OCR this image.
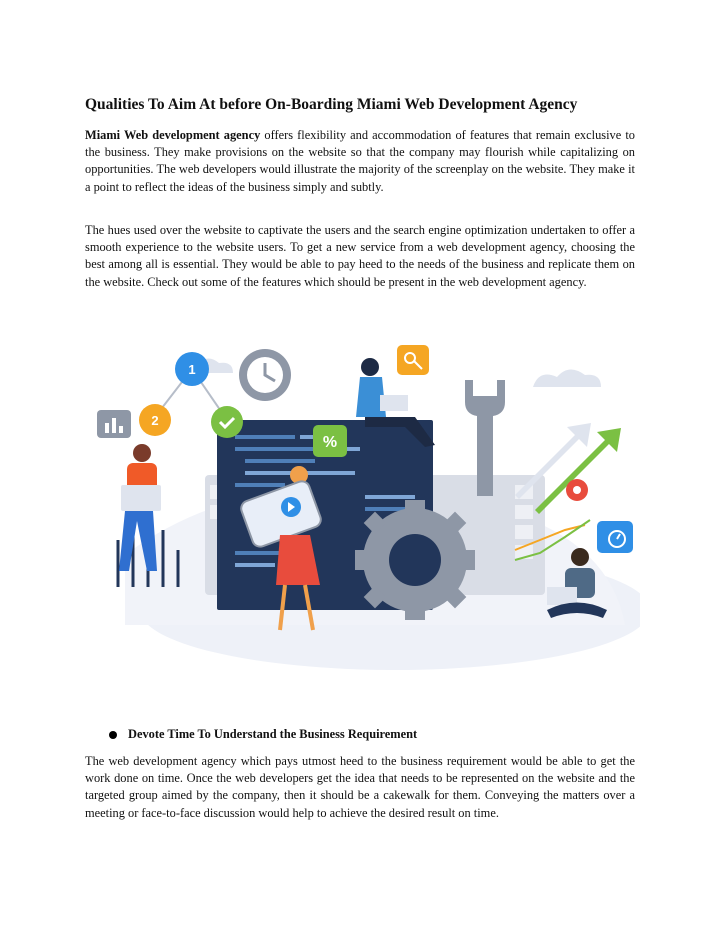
Qualities To Aim At before On-Boarding Miami Web Development Agency

Miami Web development agency offers flexibility and accommodation of features that remain exclusive to the business. They make provisions on the website so that the company may flourish while capitalizing on opportunities. The web developers would illustrate the majority of the screenplay on the website. They make it a point to reflect the ideas of the business simply and subtly.

The hues used over the website to captivate the users and the search engine optimization undertaken to offer a smooth experience to the website users. To get a new service from a web development agency, choosing the best among all is essential. They would be able to pay heed to the needs of the business and replicate them on the website. Check out some of the features which should be present in the web development agency.

1
2
%
Devote Time To Understand the Business Requirement

The web development agency which pays utmost heed to the business requirement would be able to get the work done on time. Once the web developers get the idea that needs to be represented on the website and the targeted group aimed by the company, then it should be a cakewalk for them. Conveying the matters over a meeting or face-to-face discussion would help to achieve the desired result on time.
